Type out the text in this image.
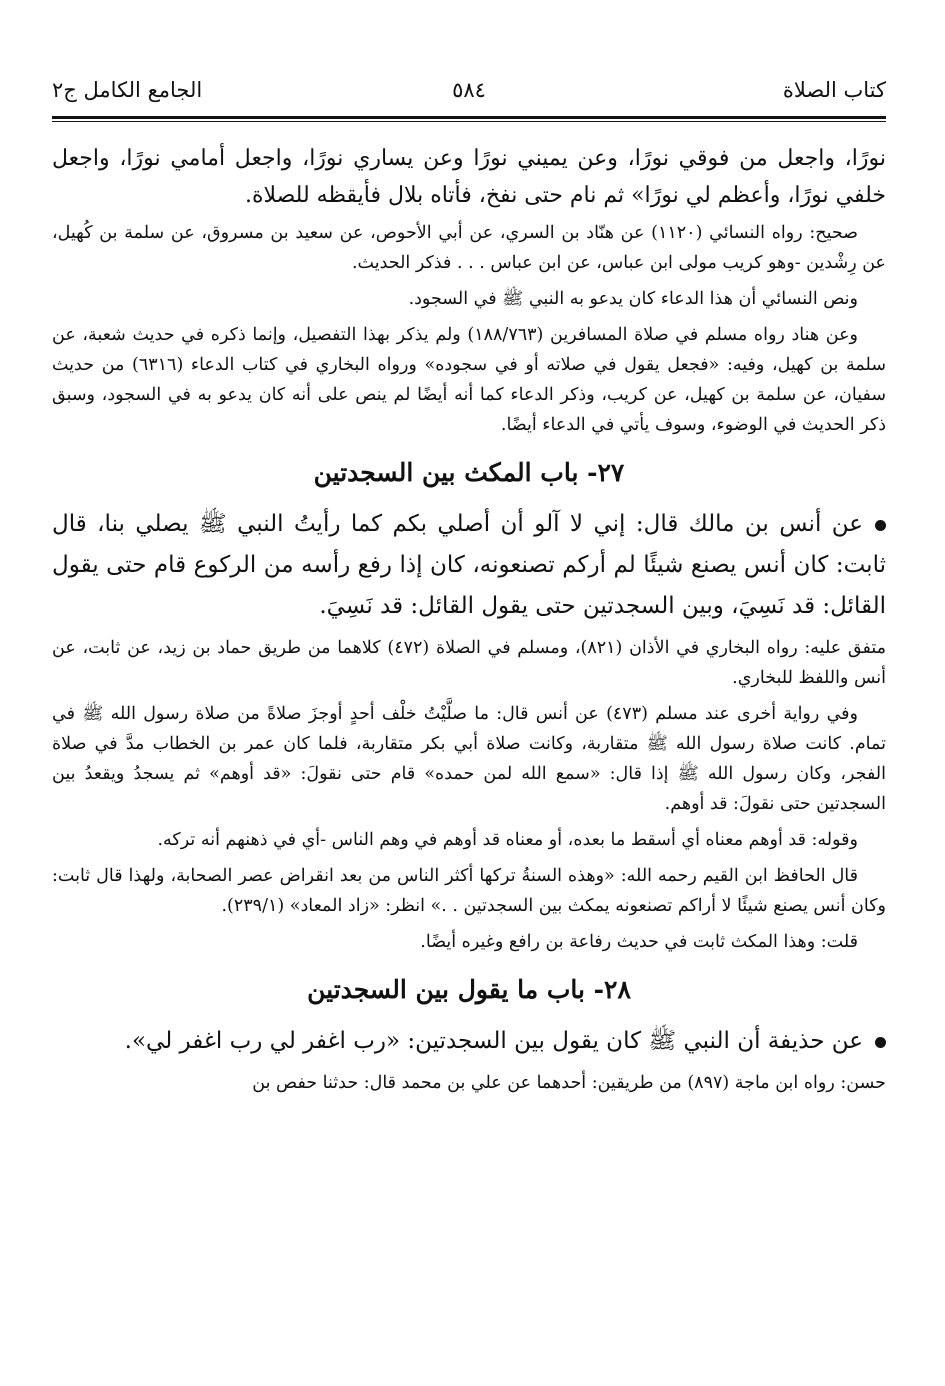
كتاب الصلاة
٥٨٤
الجامع الكامل ج٢

نورًا، واجعل من فوقي نورًا، وعن يميني نورًا وعن يساري نورًا، واجعل أمامي نورًا، واجعل خلفي نورًا، وأعظم لي نورًا» ثم نام حتى نفخ، فأتاه بلال فأيقظه للصلاة.

صحيح: رواه النسائي (١١٢٠) عن هنّاد بن السري، عن أبي الأحوص، عن سعيد بن مسروق، عن سلمة بن كُهيل، عن رِشْدين -وهو كريب مولى ابن عباس، عن ابن عباس . . . فذكر الحديث.

ونص النسائي أن هذا الدعاء كان يدعو به النبي ﷺ في السجود.

وعن هناد رواه مسلم في صلاة المسافرين (١٨٨/٧٦٣) ولم يذكر بهذا التفصيل، وإنما ذكره في حديث شعبة، عن سلمة بن كهيل، وفيه: «فجعل يقول في صلاته أو في سجوده» ورواه البخاري في كتاب الدعاء (٦٣١٦) من حديث سفيان، عن سلمة بن كهيل، عن كريب، وذكر الدعاء كما أنه أيضًا لم ينص على أنه كان يدعو به في السجود، وسبق ذكر الحديث في الوضوء، وسوف يأتي في الدعاء أيضًا.

٢٧- باب المكث بين السجدتين

عن أنس بن مالك قال: إني لا آلو أن أصلي بكم كما رأيتُ النبي ﷺ يصلي بنا، قال ثابت: كان أنس يصنع شيئًا لم أركم تصنعونه، كان إذا رفع رأسه من الركوع قام حتى يقول القائل: قد نَسِيَ، وبين السجدتين حتى يقول القائل: قد نَسِيَ.

متفق عليه: رواه البخاري في الأذان (٨٢١)، ومسلم في الصلاة (٤٧٢) كلاهما من طريق حماد بن زيد، عن ثابت، عن أنس واللفظ للبخاري.

وفي رواية أخرى عند مسلم (٤٧٣) عن أنس قال: ما صلَّيْتُ خلْف أحدٍ أوجزَ صلاةً من صلاة رسول الله ﷺ في تمام. كانت صلاة رسول الله ﷺ متقاربة، وكانت صلاة أبي بكر متقاربة، فلما كان عمر بن الخطاب مدَّ في صلاة الفجر، وكان رسول الله ﷺ إذا قال: «سمع الله لمن حمده» قام حتى نقولَ: «قد أوهم» ثم يسجدُ ويقعدُ بين السجدتين حتى نقولَ: قد أوهم.

وقوله: قد أوهم معناه أي أسقط ما بعده، أو معناه قد أوهم في وهم الناس -أي في ذهنهم أنه تركه.

قال الحافظ ابن القيم رحمه الله: «وهذه السنةُ تركها أكثر الناس من بعد انقراض عصر الصحابة، ولهذا قال ثابت: وكان أنس يصنع شيئًا لا أراكم تصنعونه يمكث بين السجدتين . .» انظر: «زاد المعاد» (٢٣٩/١).

قلت: وهذا المكث ثابت في حديث رفاعة بن رافع وغيره أيضًا.

٢٨- باب ما يقول بين السجدتين

عن حذيفة أن النبي ﷺ كان يقول بين السجدتين: «رب اغفر لي رب اغفر لي».

حسن: رواه ابن ماجة (٨٩٧) من طريقين: أحدهما عن علي بن محمد قال: حدثنا حفص بن
